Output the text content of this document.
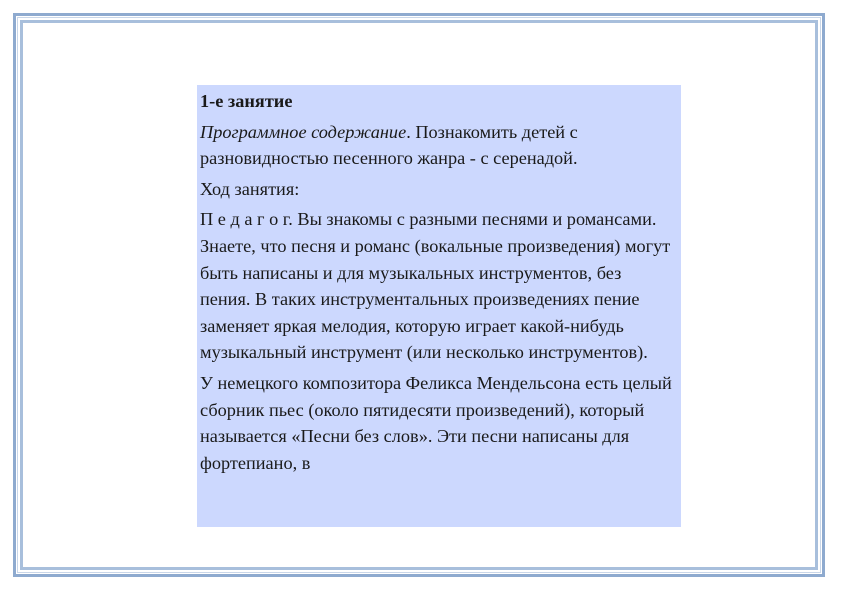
1-е занятие

Программное содержание. Познакомить детей с разновидностью песенного жанра - с серенадой.

Ход занятия:

П е д а г о г. Вы знакомы с разными песнями и романсами. Знаете, что песня и романс (вокальные произведения) могут быть написаны и для музыкальных инструментов, без пения. В таких инструментальных произведениях пение заменяет яркая мелодия, которую играет какой-нибудь музыкальный инструмент (или несколько инструментов).

У немецкого композитора Феликса Мендельсона есть целый сборник пьес (около пятидесяти произведений), который называется «Песни без слов». Эти песни написаны для фортепиано, в
